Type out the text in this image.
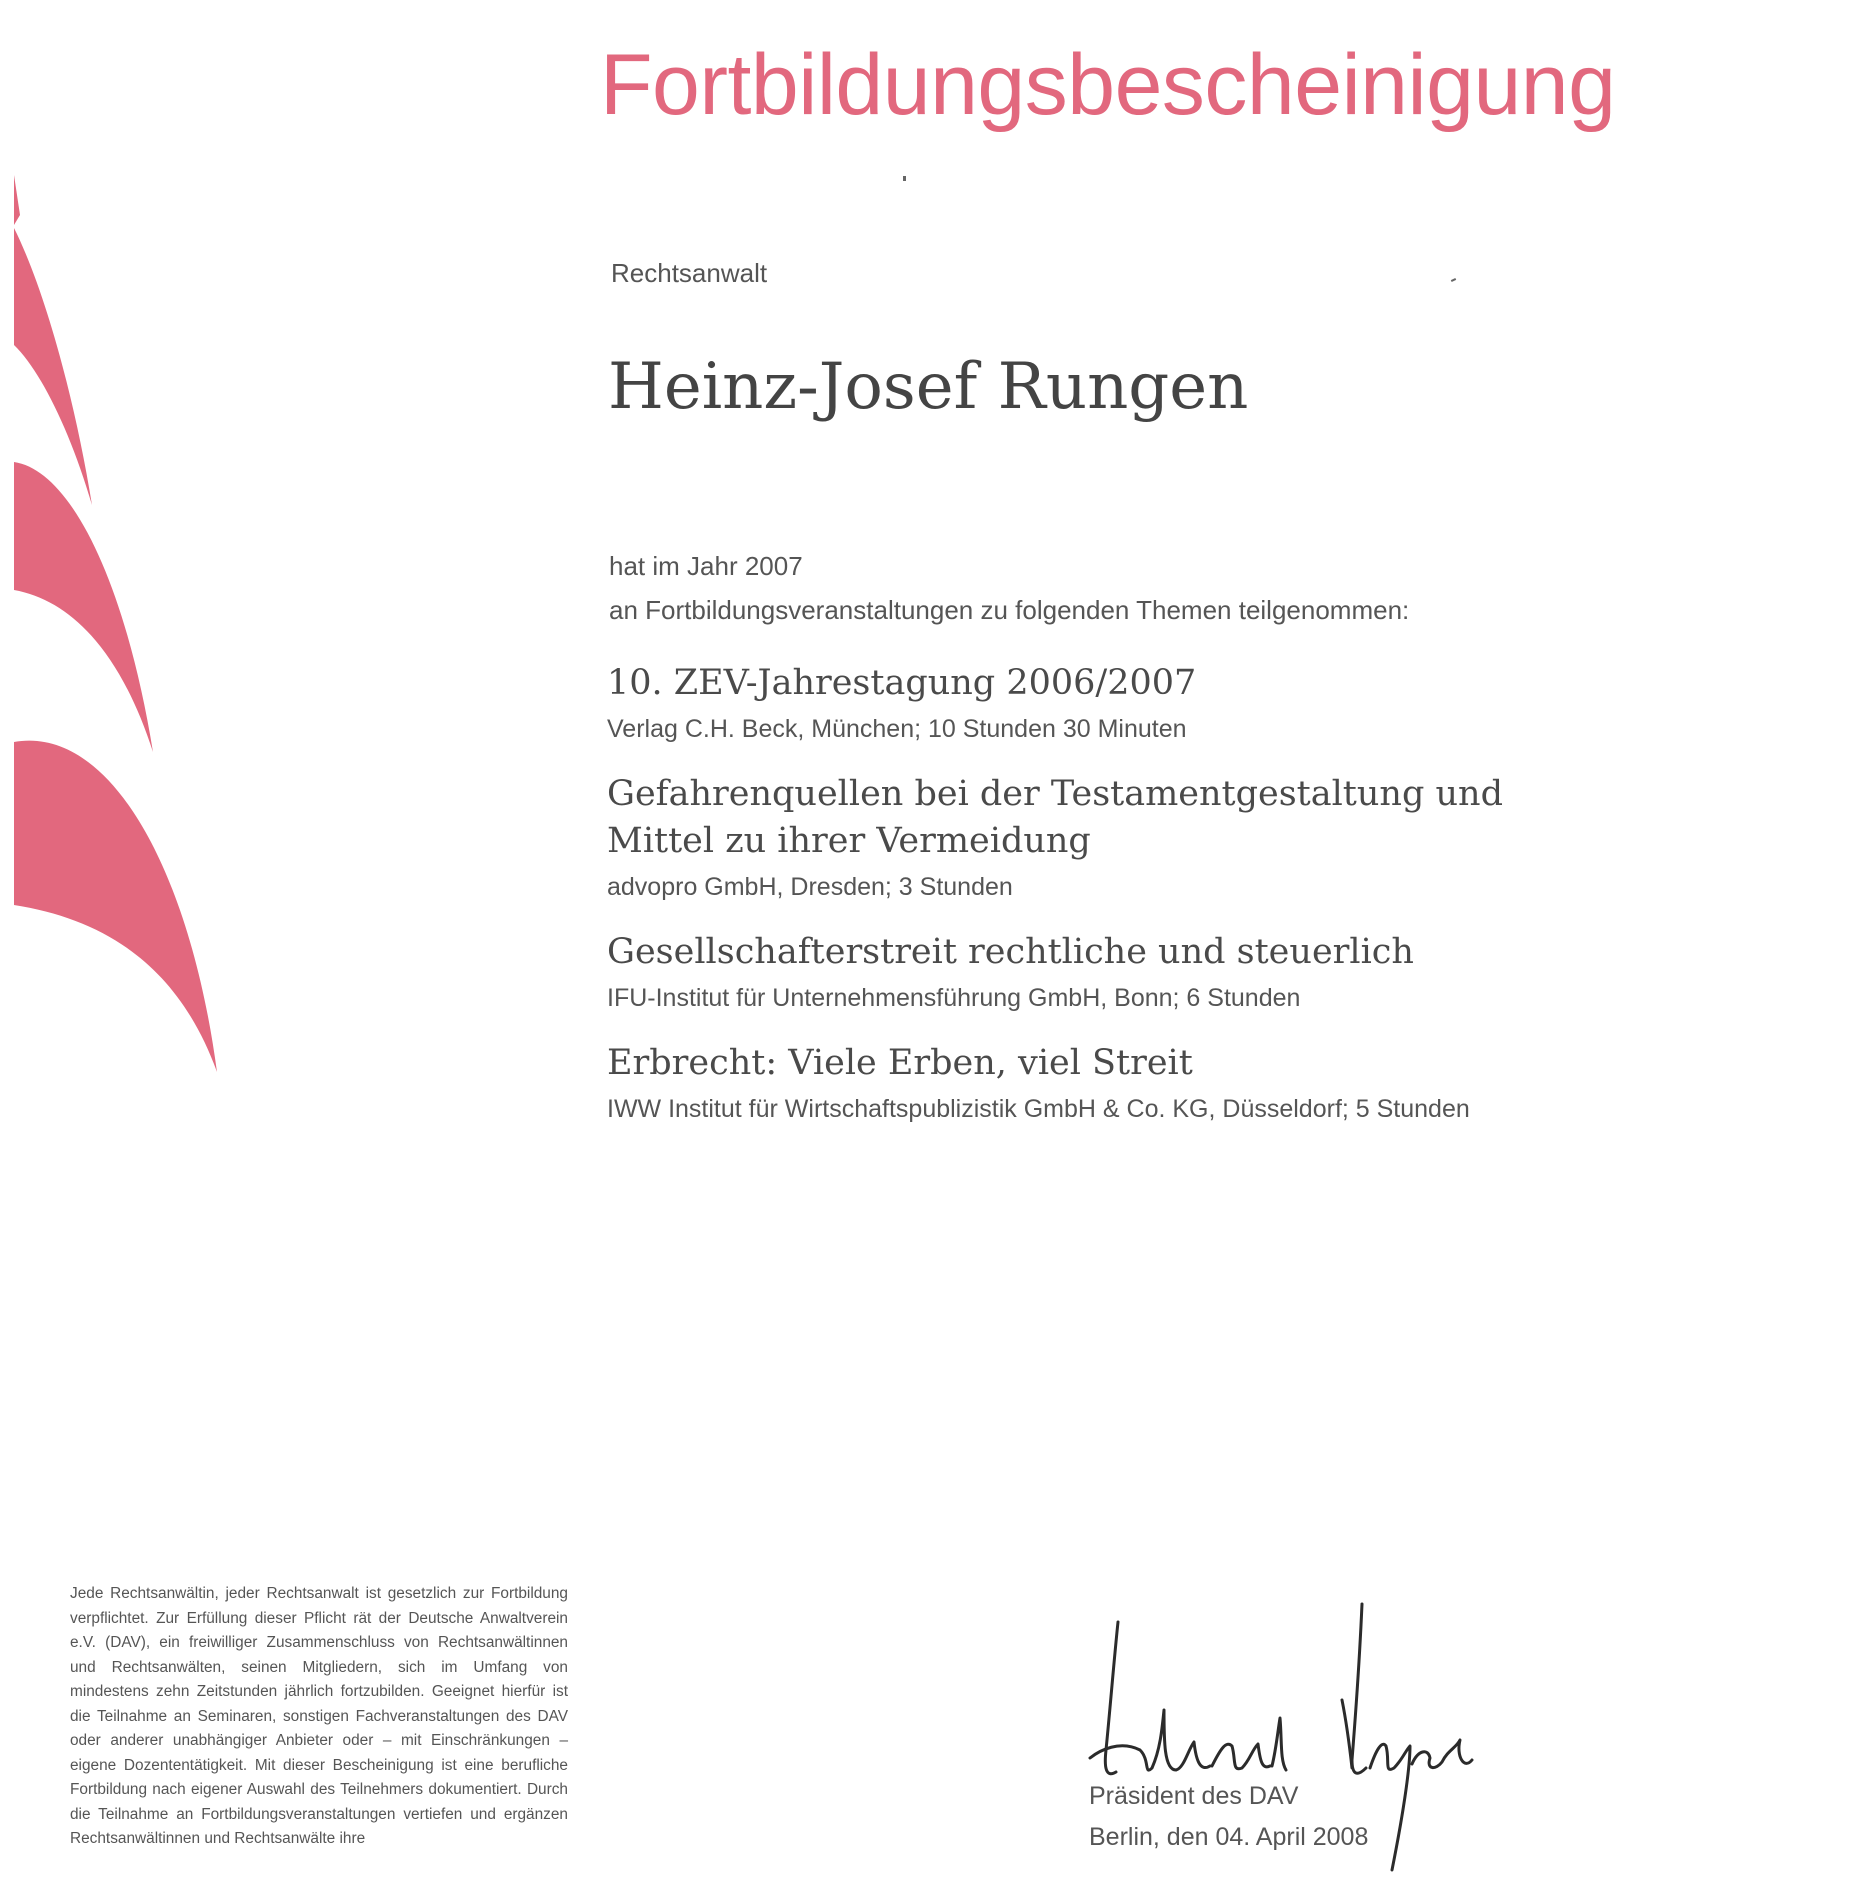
Fortbildungsbescheinigung
Rechtsanwalt
Heinz-Josef Rungen
hat im Jahr 2007
an Fortbildungsveranstaltungen zu folgenden Themen teilgenommen:
10. ZEV-Jahrestagung 2006/2007
Verlag C.H. Beck, München; 10 Stunden 30 Minuten
Gefahrenquellen bei der Testamentgestaltung und Mittel zu ihrer Vermeidung
advopro GmbH, Dresden; 3 Stunden
Gesellschafterstreit rechtliche und steuerlich
IFU-Institut für Unternehmensführung GmbH, Bonn; 6 Stunden
Erbrecht: Viele Erben, viel Streit
IWW Institut für Wirtschaftspublizistik GmbH & Co. KG, Düsseldorf; 5 Stunden
Jede Rechtsanwältin, jeder Rechtsanwalt ist gesetzlich zur Fortbildung verpflichtet. Zur Erfüllung dieser Pflicht rät der Deutsche Anwaltverein e.V. (DAV), ein freiwilliger Zusammenschluss von Rechtsanwältinnen und Rechtsanwälten, seinen Mitgliedern, sich im Umfang von mindestens zehn Zeitstunden jährlich fortzubilden. Geeignet hierfür ist die Teilnahme an Seminaren, sonstigen Fachveranstaltungen des DAV oder anderer unabhängiger Anbieter oder – mit Einschränkungen – eigene Dozententätigkeit. Mit dieser Bescheinigung ist eine berufliche Fortbildung nach eigener Auswahl des Teilnehmers dokumentiert. Durch die Teilnahme an Fortbildungsveranstaltungen vertiefen und ergänzen Rechtsanwältinnen und Rechtsanwälte ihre
Präsident des DAV
Berlin, den 04. April 2008
